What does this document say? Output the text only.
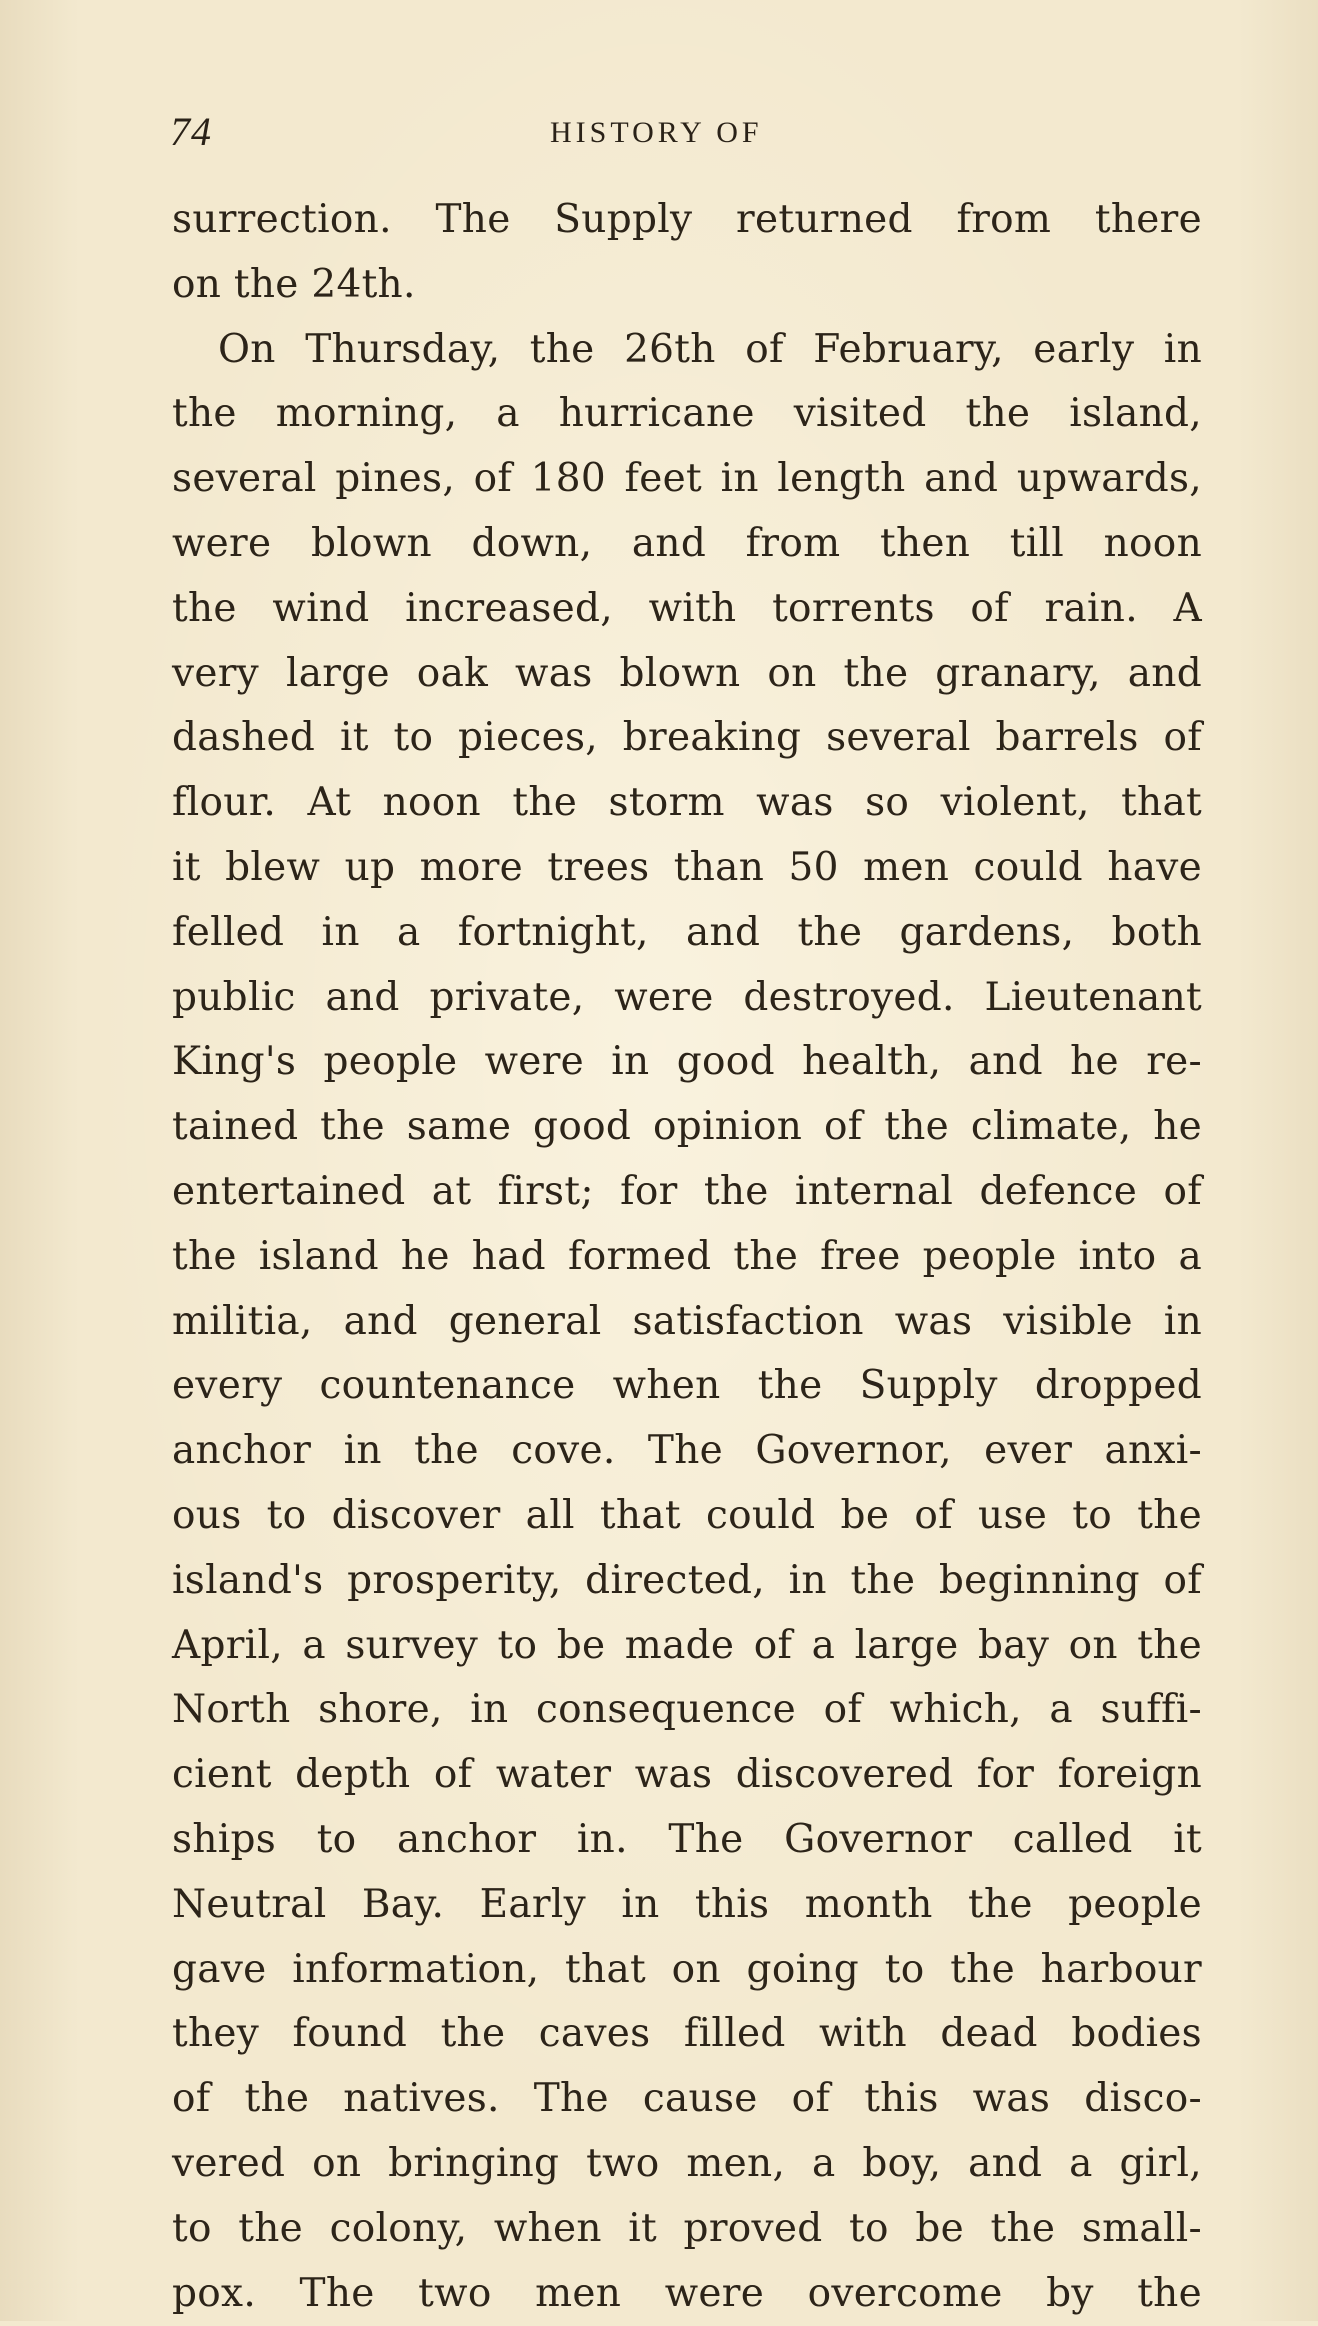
74	HISTORY OF
surrection. The Supply returned from there
on the 24th.
On Thursday, the 26th of February, early in
the morning, a hurricane visited the island,
several pines, of 180 feet in length and upwards,
were blown down, and from then till noon
the wind increased, with torrents of rain. A
very large oak was blown on the granary, and
dashed it to pieces, breaking several barrels of
flour. At noon the storm was so violent, that
it blew up more trees than 50 men could have
felled in a fortnight, and the gardens, both
public and private, were destroyed. Lieutenant
King's people were in good health, and he re-
tained the same good opinion of the climate, he
entertained at first; for the internal defence of
the island he had formed the free people into a
militia, and general satisfaction was visible in
every countenance when the Supply dropped
anchor in the cove. The Governor, ever anxi-
ous to discover all that could be of use to the
island's prosperity, directed, in the beginning of
April, a survey to be made of a large bay on the
North shore, in consequence of which, a suffi-
cient depth of water was discovered for foreign
ships to anchor in. The Governor called it
Neutral Bay. Early in this month the people
gave information, that on going to the harbour
they found the caves filled with dead bodies
of the natives. The cause of this was disco-
vered on bringing two men, a boy, and a girl,
to the colony, when it proved to be the small-
pox. The two men were overcome by the
